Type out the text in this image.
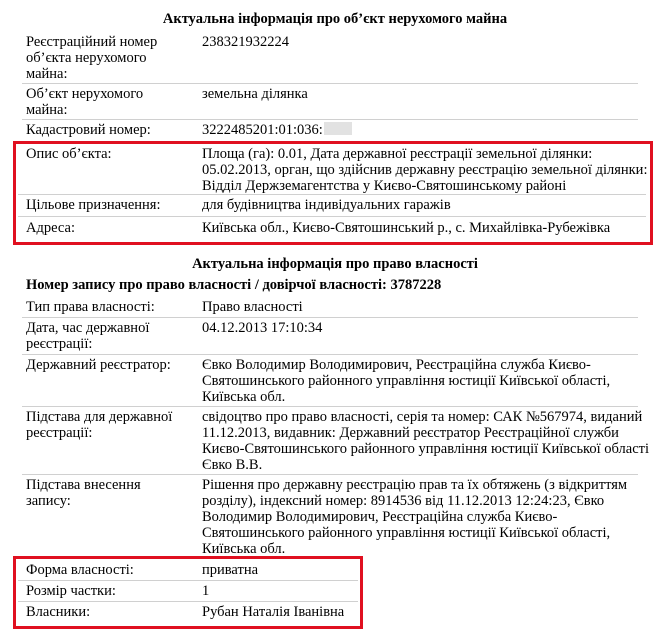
Актуальна інформація про об’єкт нерухомого майна
Реєстраційний номер об’єкта нерухомого майна:
238321932224
Об’єкт нерухомого майна:
земельна ділянка
Кадастровий номер:	3222485201:01:036:
Опис об’єкта:	Площа (га): 0.01, Дата державної реєстрації земельної ділянки: 05.02.2013, орган, що здійснив державну реєстрацію земельної ділянки: Відділ Держземагентства у Києво-Святошинському районі
Цільове призначення:	для будівництва індивідуальних гаражів
Адреса:	Київська обл., Києво-Святошинський р., с. Михайлівка-Рубежівка
Актуальна інформація про право власності
Номер запису про право власності / довірчої власності: 3787228
Тип права власності:	Право власності
Дата, час державної реєстрації:
04.12.2013 17:10:34
Державний реєстратор:	Євко Володимир Володимирович, Реєстраційна служба Києво-Святошинського районного управління юстиції Київської області, Київська обл.
Підстава для державної реєстрації:
свідоцтво про право власності, серія та номер: САК №567974, виданий 11.12.2013, видавник: Державний реєстратор Реєстраційної служби Києво-Святошинського районного управління юстиції Київської області Євко В.В.
Підстава внесення запису:
Рішення про державну реєстрацію прав та їх обтяжень (з відкриттям розділу), індексний номер: 8914536 від 11.12.2013 12:24:23, Євко Володимир Володимирович, Реєстраційна служба Києво-Святошинського районного управління юстиції Київської області, Київська обл.
Форма власності:	приватна
Розмір частки:	1
Власники:	Рубан Наталія Іванівна
